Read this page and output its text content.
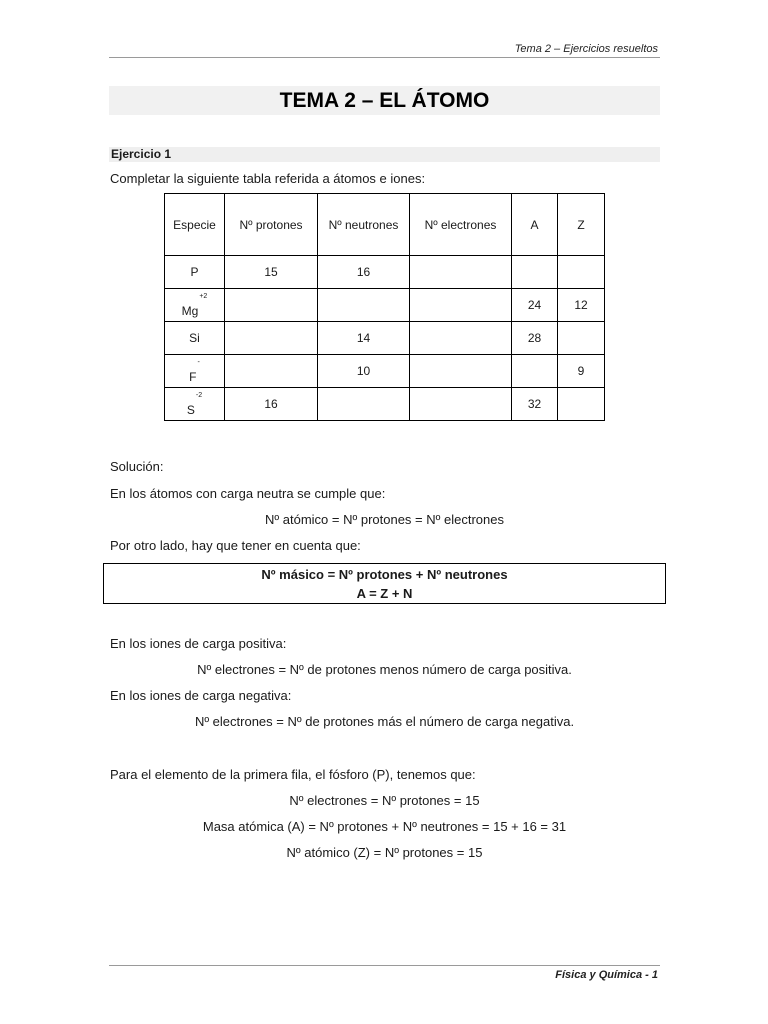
Tema 2 – Ejercicios resueltos
TEMA 2 – EL ÁTOMO
Ejercicio 1
Completar la siguiente tabla referida a átomos e iones:
Especie	Nº protones	Nº neutrones	Nº electrones	A	Z
P	15	16			
$Mg^{+2}$				24	12
Si		14		28	
F-		10			9
$S^{-2}$	16			32	
Solución:
En los átomos con carga neutra se cumple que:
Nº atómico = Nº protones = Nº electrones
Por otro lado, hay que tener en cuenta que:
Nº másico = Nº protones + Nº neutrones
A = Z + N
En los iones de carga positiva:
Nº electrones = Nº de protones menos número de carga positiva.
En los iones de carga negativa:
Nº electrones = Nº de protones más el número de carga negativa.
Para el elemento de la primera fila, el fósforo (P), tenemos que:
Nº electrones = Nº protones = 15
Masa atómica (A) = Nº protones + Nº neutrones = 15 + 16 = 31
Nº atómico (Z) = Nº protones = 15
Física y Química - 1
